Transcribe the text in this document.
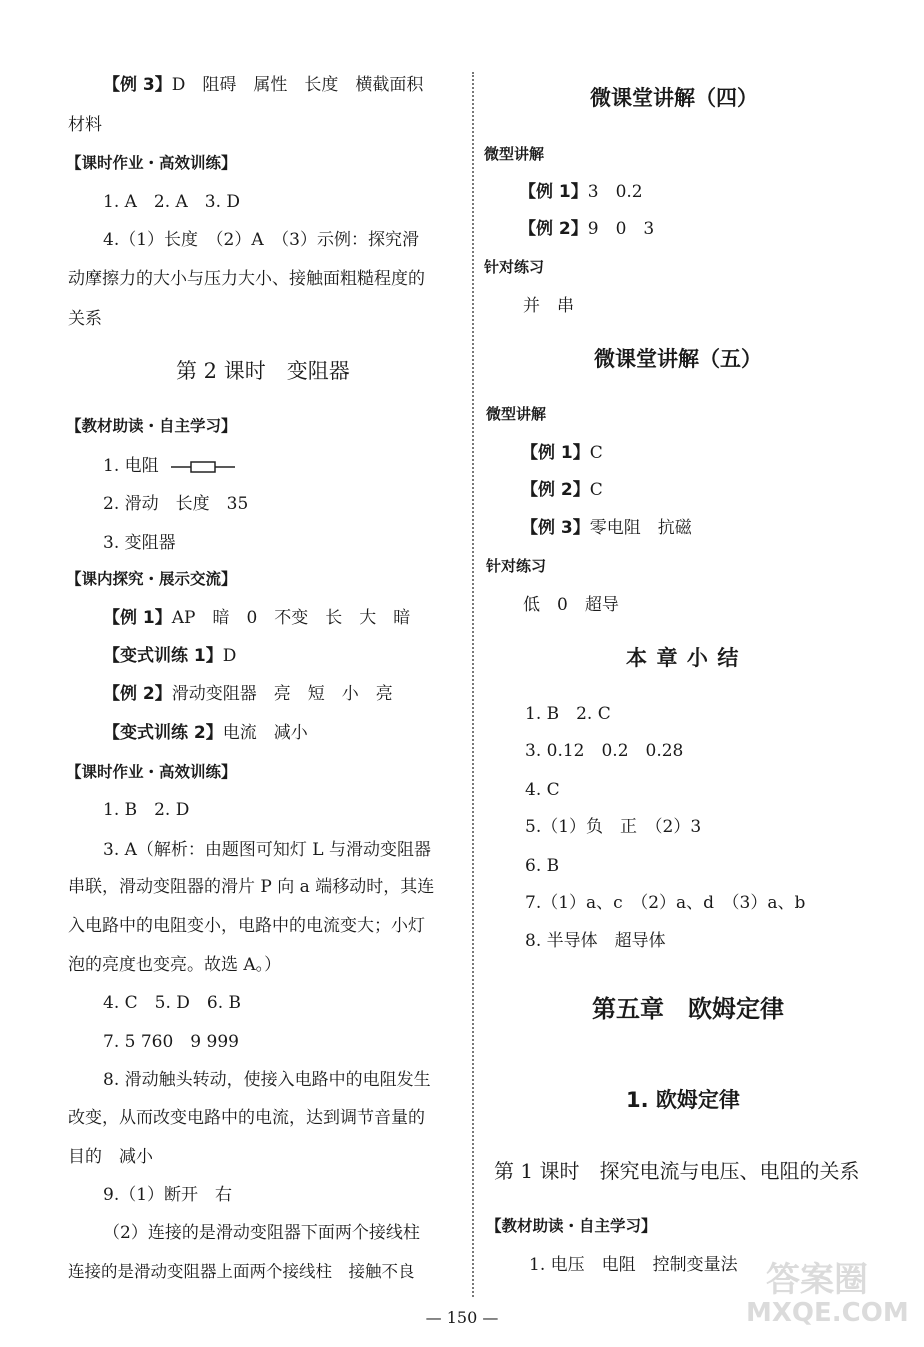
【例 3】D　阻碍　属性　长度　横截面积
材料
【课时作业・高效训练】
1. A　2. A　3. D
4.（1）长度　（2）A　（3）示例：探究滑
动摩擦力的大小与压力大小、接触面粗糙程度的
关系
第 2 课时　变阻器
【教材助读・自主学习】
1. 电阻
2. 滑动　长度　35
3. 变阻器
【课内探究・展示交流】
【例 1】AP　暗　0　不变　长　大　暗
【变式训练 1】D
【例 2】滑动变阻器　亮　短　小　亮
【变式训练 2】电流　减小
【课时作业・高效训练】
1. B　2. D
3. A（解析：由题图可知灯 L 与滑动变阻器
串联，滑动变阻器的滑片 P 向 a 端移动时，其连
入电路中的电阻变小，电路中的电流变大；小灯
泡的亮度也变亮。故选 A。）
4. C　5. D　6. B
7. 5 760　9 999
8. 滑动触头转动，使接入电路中的电阻发生
改变，从而改变电路中的电流，达到调节音量的
目的　减小
9.（1）断开　右
（2）连接的是滑动变阻器下面两个接线柱
连接的是滑动变阻器上面两个接线柱　接触不良
微课堂讲解（四）
微型讲解
【例 1】3　0.2
【例 2】9　0　3
针对练习
并　串
微课堂讲解（五）
微型讲解
【例 1】C
【例 2】C
【例 3】零电阻　抗磁
针对练习
低　0　超导
本章小结
1. B　2. C
3. 0.12　0.2　0.28
4. C
5.（1）负　正　（2）3
6. B
7.（1）a、c　（2）a、d　（3）a、b
8. 半导体　超导体
第五章　欧姆定律
1. 欧姆定律
第 1 课时　探究电流与电压、电阻的关系
【教材助读・自主学习】
1. 电压　电阻　控制变量法
— 150 —
答案圈
MXQE.COM
